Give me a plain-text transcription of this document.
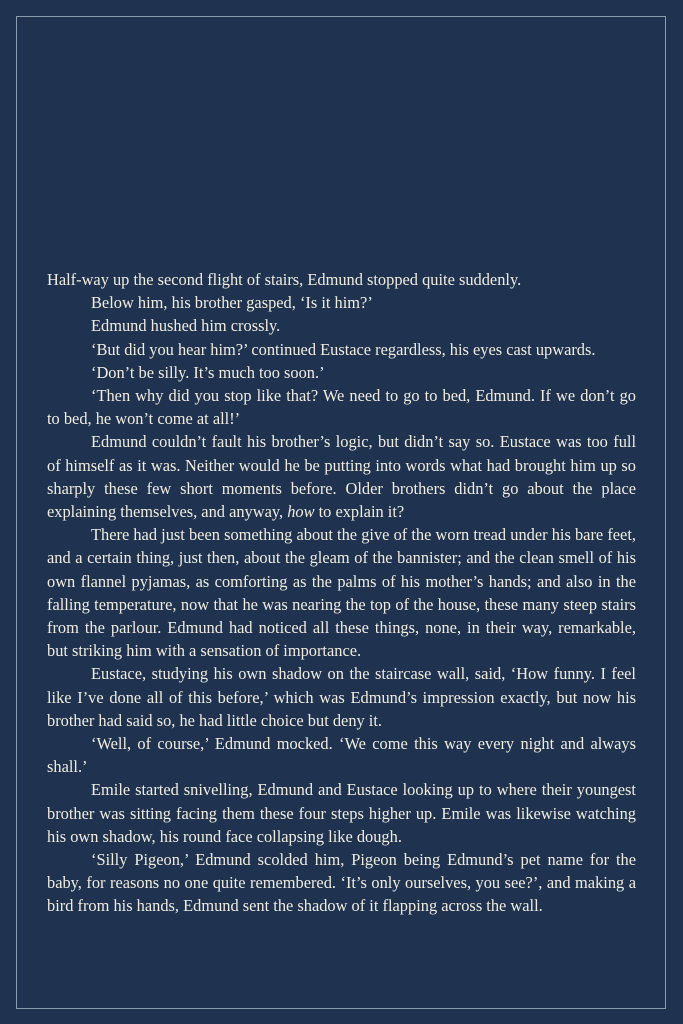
Half-way up the second flight of stairs, Edmund stopped quite suddenly.

Below him, his brother gasped, ‘Is it him?’

Edmund hushed him crossly.

‘But did you hear him?’ continued Eustace regardless, his eyes cast upwards.

‘Don’t be silly. It’s much too soon.’

‘Then why did you stop like that? We need to go to bed, Edmund. If we don’t go to bed, he won’t come at all!’

Edmund couldn’t fault his brother’s logic, but didn’t say so. Eustace was too full of himself as it was. Neither would he be putting into words what had brought him up so sharply these few short moments before. Older brothers didn’t go about the place explaining themselves, and anyway, how to explain it?

There had just been something about the give of the worn tread under his bare feet, and a certain thing, just then, about the gleam of the bannister; and the clean smell of his own flannel pyjamas, as comforting as the palms of his mother’s hands; and also in the falling temperature, now that he was nearing the top of the house, these many steep stairs from the parlour. Edmund had noticed all these things, none, in their way, remarkable, but striking him with a sensation of importance.

Eustace, studying his own shadow on the staircase wall, said, ‘How funny. I feel like I’ve done all of this before,’ which was Edmund’s impression exactly, but now his brother had said so, he had little choice but deny it.

‘Well, of course,’ Edmund mocked. ‘We come this way every night and always shall.’

Emile started snivelling, Edmund and Eustace looking up to where their youngest brother was sitting facing them these four steps higher up. Emile was likewise watching his own shadow, his round face collapsing like dough.

‘Silly Pigeon,’ Edmund scolded him, Pigeon being Edmund’s pet name for the baby, for reasons no one quite remembered. ‘It’s only ourselves, you see?’, and making a bird from his hands, Edmund sent the shadow of it flapping across the wall.
